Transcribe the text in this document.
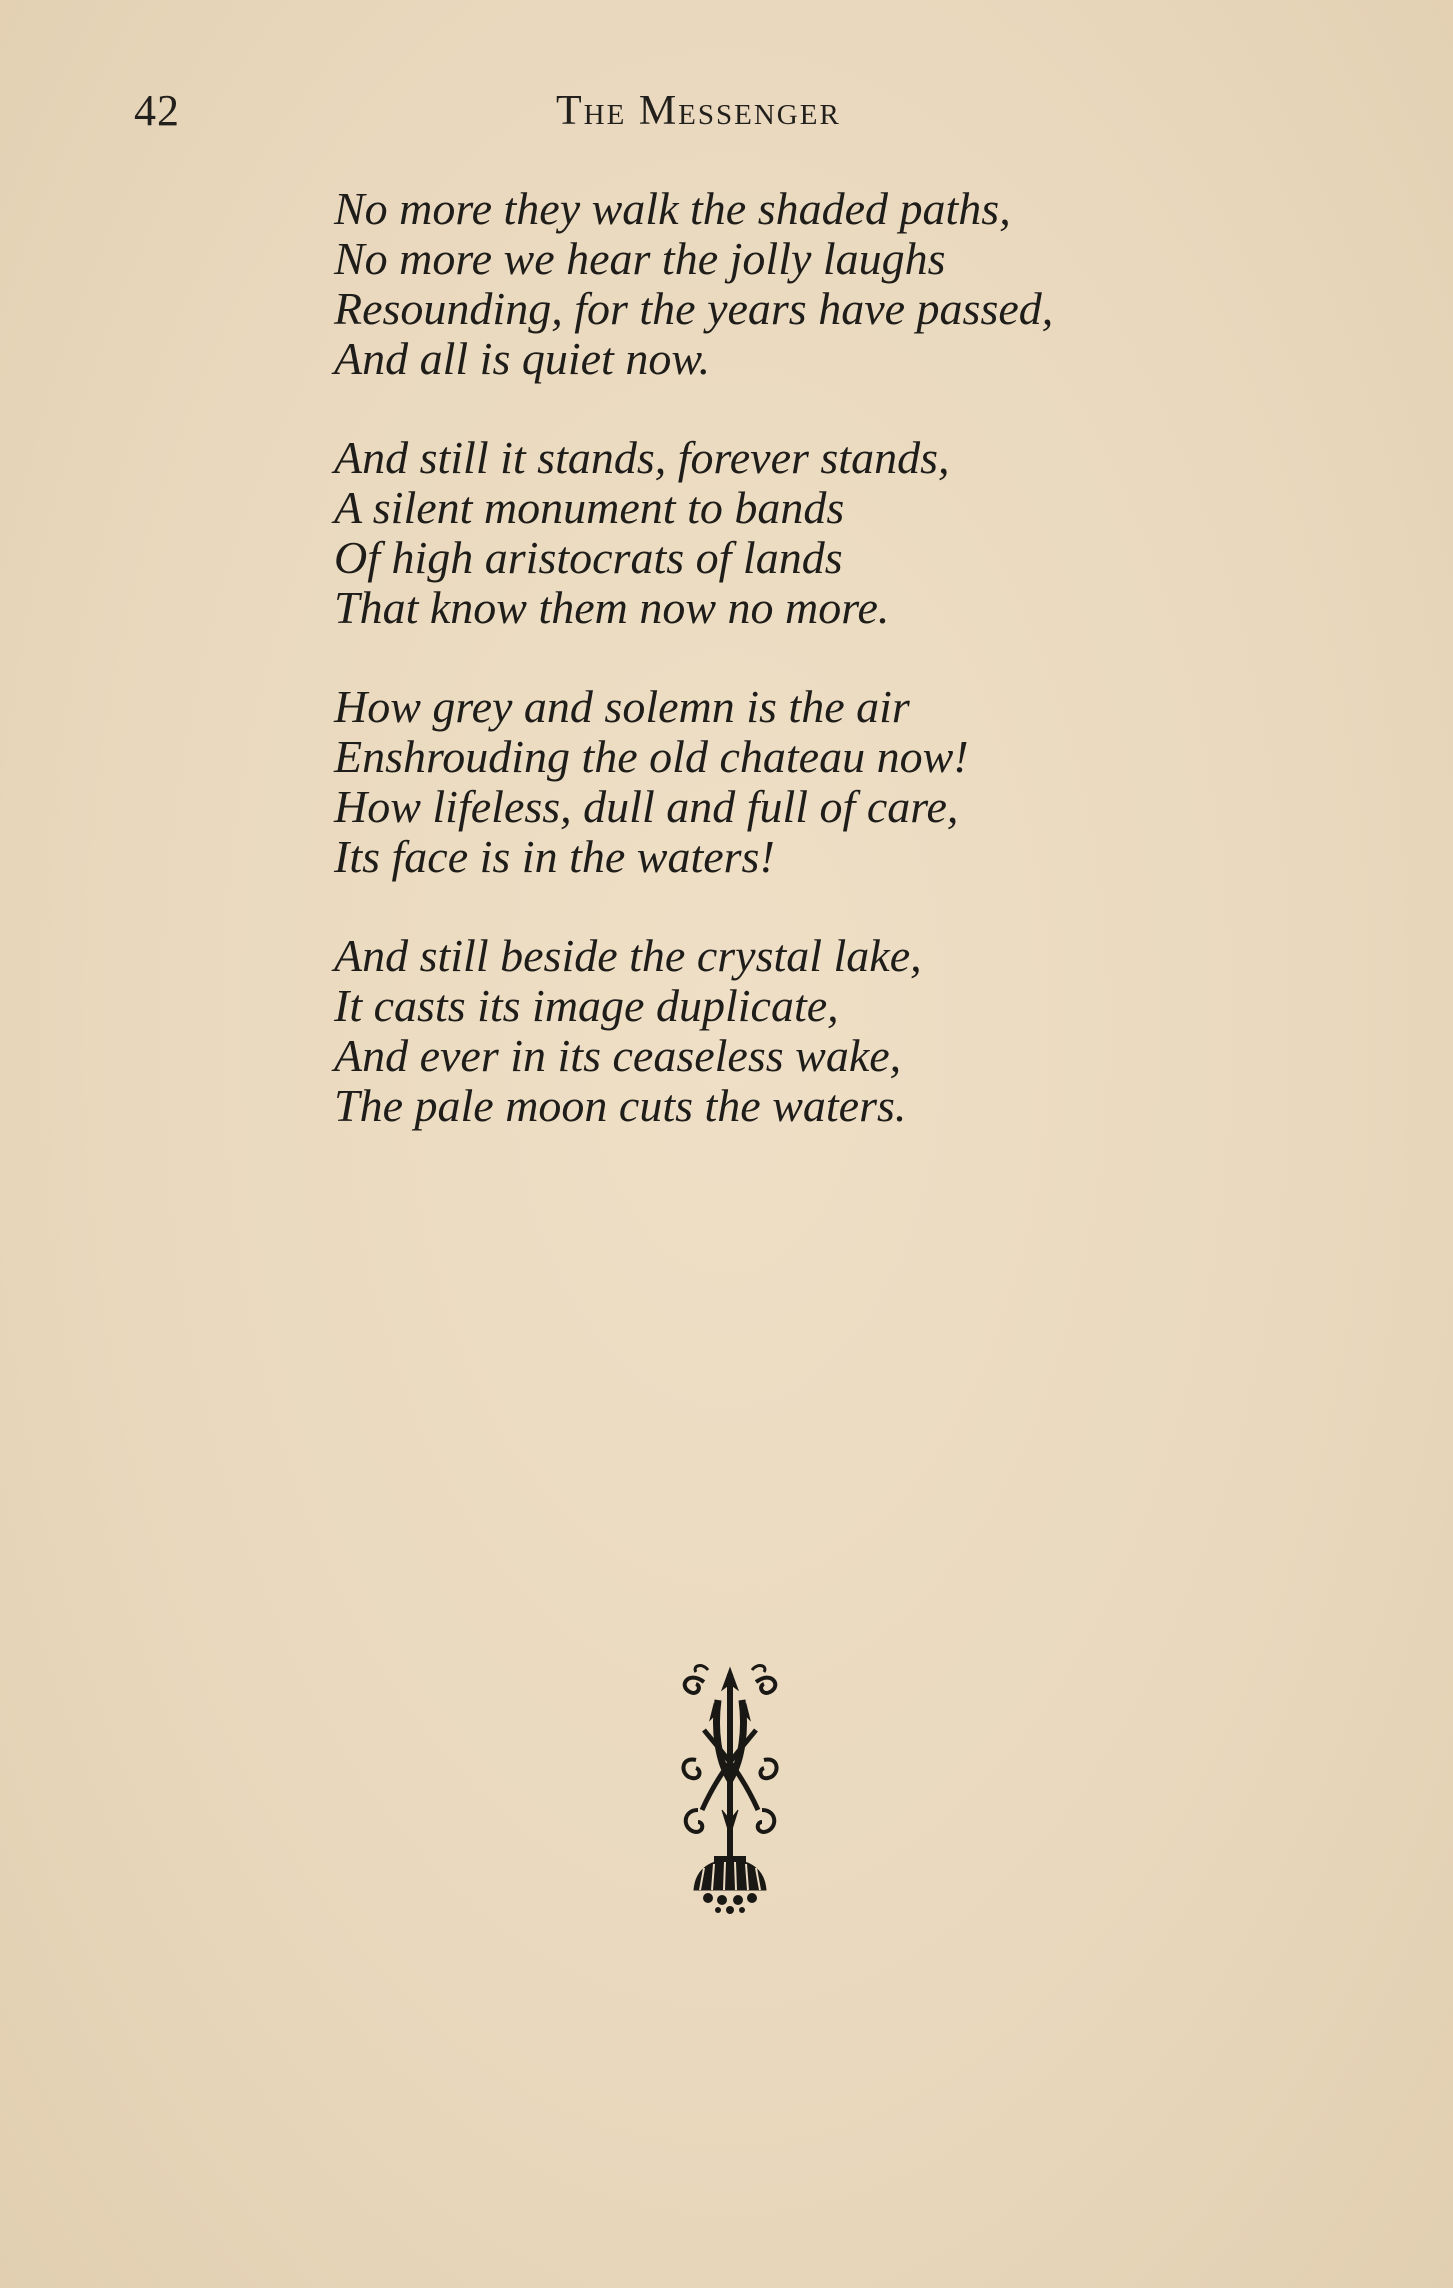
42	The Messenger
No more they walk the shaded paths,
No more we hear the jolly laughs
Resounding, for the years have passed,
And all is quiet now.
And still it stands, forever stands,
A silent monument to bands
Of high aristocrats of lands
That know them now no more.
How grey and solemn is the air
Enshrouding the old chateau now!
How lifeless, dull and full of care,
Its face is in the waters!
And still beside the crystal lake,
It casts its image duplicate,
And ever in its ceaseless wake,
The pale moon cuts the waters.
